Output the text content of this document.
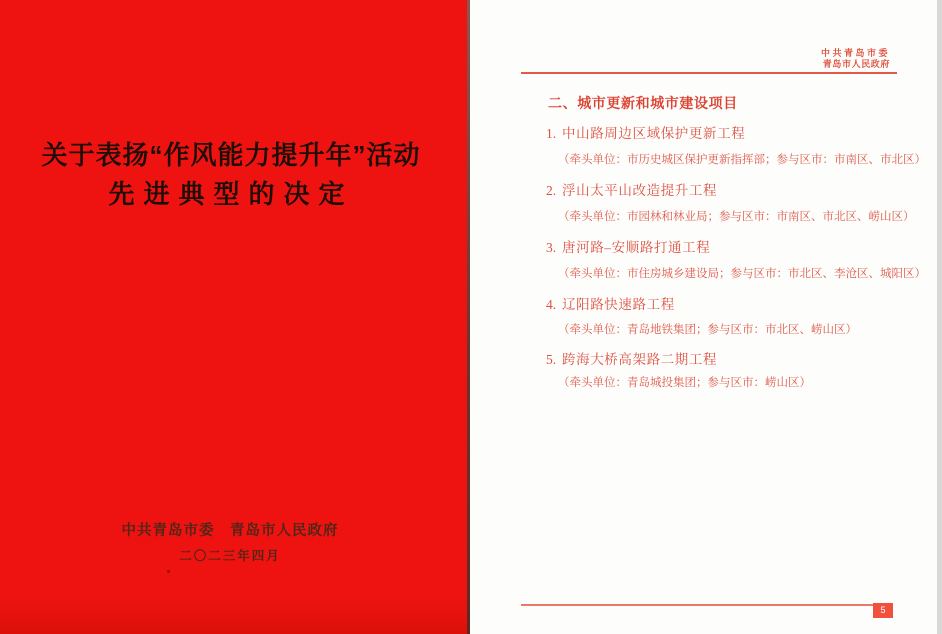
关于表扬“作风能力提升年”活动
先进典型的决定
中共青岛市委　青岛市人民政府
二〇二三年四月
中共青岛市委
青岛市人民政府
二、城市更新和城市建设项目
1. 中山路周边区域保护更新工程
（牵头单位：市历史城区保护更新指挥部；参与区市：市南区、市北区）
2. 浮山太平山改造提升工程
（牵头单位：市园林和林业局；参与区市：市南区、市北区、崂山区）
3. 唐河路–安顺路打通工程
（牵头单位：市住房城乡建设局；参与区市：市北区、李沧区、城阳区）
4. 辽阳路快速路工程
（牵头单位：青岛地铁集团；参与区市：市北区、崂山区）
5. 跨海大桥高架路二期工程
（牵头单位：青岛城投集团；参与区市：崂山区）
5
